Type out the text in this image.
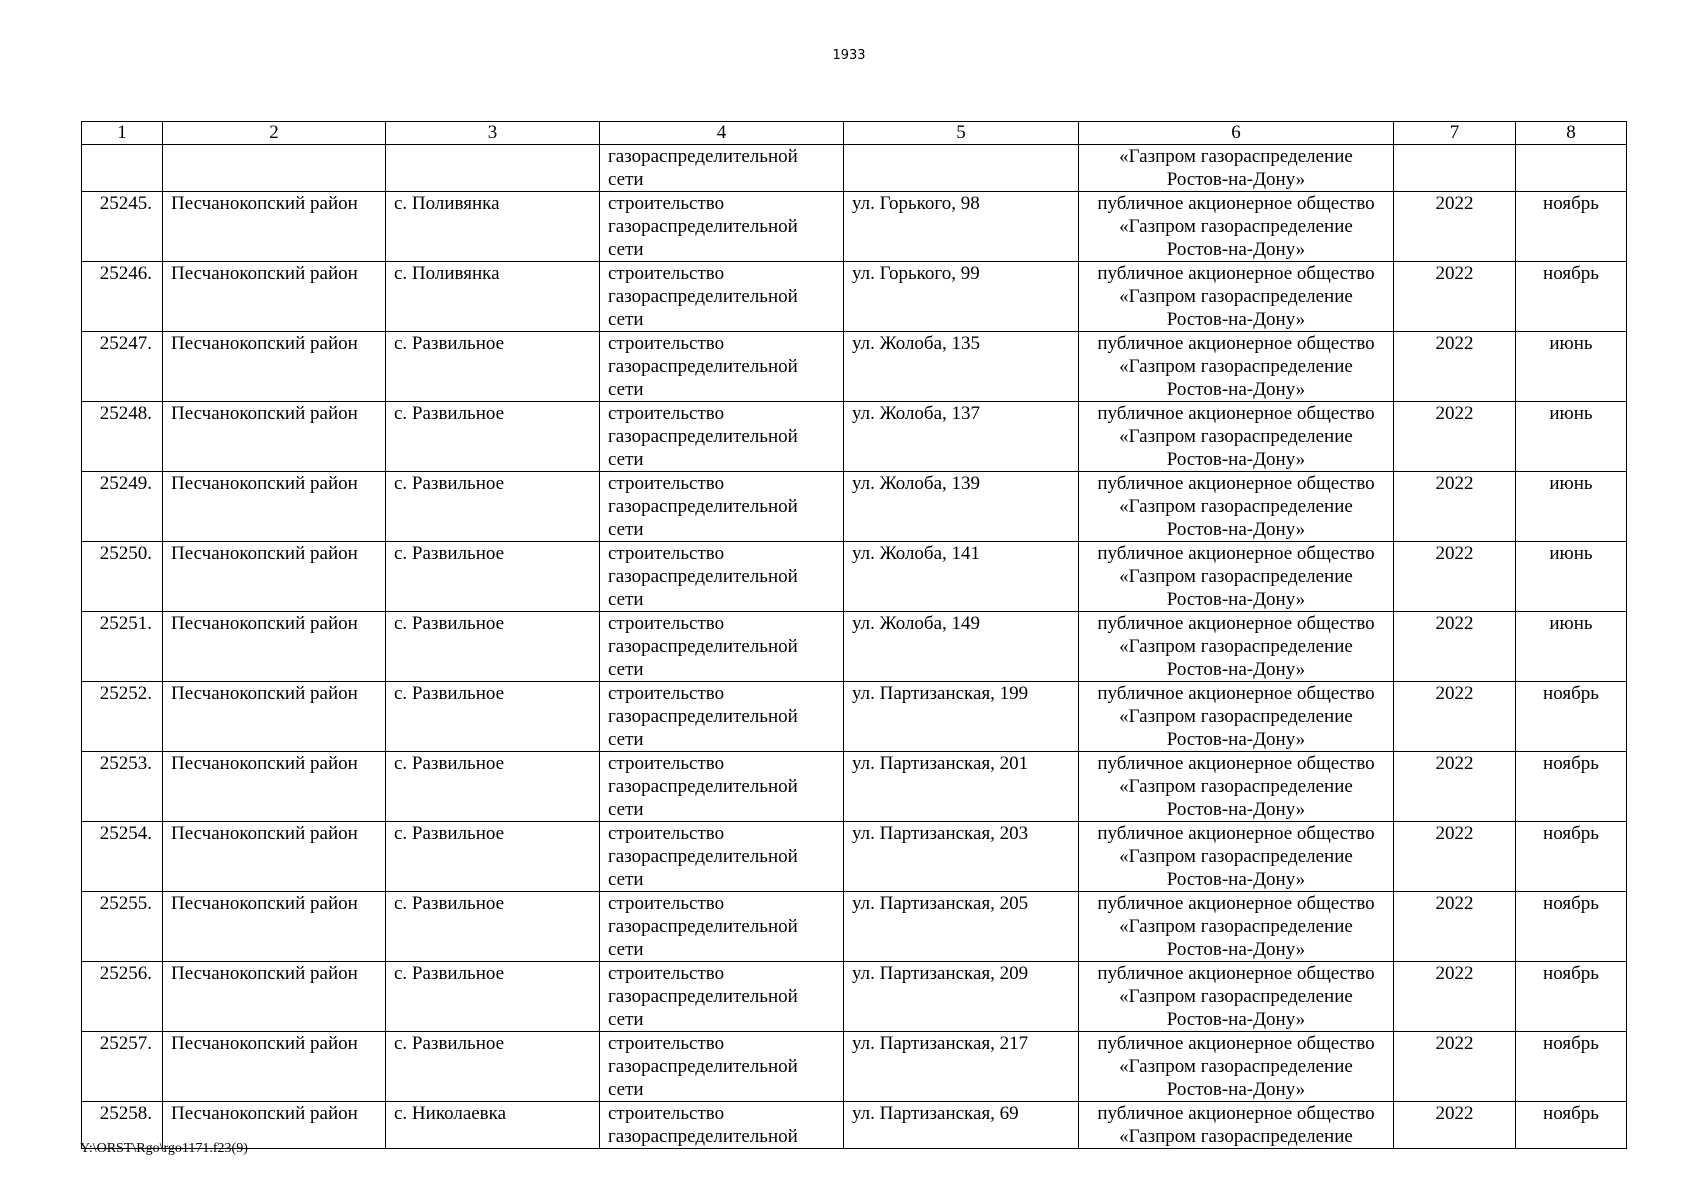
1933
1	2	3	4	5	6	7	8

			газораспределительной
сети		«Газпром газораспределение
Ростов-на-Дону»		

25245.	Песчанокопский район	с. Поливянка	строительство
газораспределительной
сети	ул. Горького, 98	публичное акционерное общество
«Газпром газораспределение
Ростов-на-Дону»	2022	ноябрь
25246.	Песчанокопский район	с. Поливянка	строительство
газораспределительной
сети	ул. Горького, 99	публичное акционерное общество
«Газпром газораспределение
Ростов-на-Дону»	2022	ноябрь
25247.	Песчанокопский район	с. Развильное	строительство
газораспределительной
сети	ул. Жолоба, 135	публичное акционерное общество
«Газпром газораспределение
Ростов-на-Дону»	2022	июнь
25248.	Песчанокопский район	с. Развильное	строительство
газораспределительной
сети	ул. Жолоба, 137	публичное акционерное общество
«Газпром газораспределение
Ростов-на-Дону»	2022	июнь
25249.	Песчанокопский район	с. Развильное	строительство
газораспределительной
сети	ул. Жолоба, 139	публичное акционерное общество
«Газпром газораспределение
Ростов-на-Дону»	2022	июнь
25250.	Песчанокопский район	с. Развильное	строительство
газораспределительной
сети	ул. Жолоба, 141	публичное акционерное общество
«Газпром газораспределение
Ростов-на-Дону»	2022	июнь
25251.	Песчанокопский район	с. Развильное	строительство
газораспределительной
сети	ул. Жолоба, 149	публичное акционерное общество
«Газпром газораспределение
Ростов-на-Дону»	2022	июнь
25252.	Песчанокопский район	с. Развильное	строительство
газораспределительной
сети	ул. Партизанская, 199	публичное акционерное общество
«Газпром газораспределение
Ростов-на-Дону»	2022	ноябрь
25253.	Песчанокопский район	с. Развильное	строительство
газораспределительной
сети	ул. Партизанская, 201	публичное акционерное общество
«Газпром газораспределение
Ростов-на-Дону»	2022	ноябрь
25254.	Песчанокопский район	с. Развильное	строительство
газораспределительной
сети	ул. Партизанская, 203	публичное акционерное общество
«Газпром газораспределение
Ростов-на-Дону»	2022	ноябрь
25255.	Песчанокопский район	с. Развильное	строительство
газораспределительной
сети	ул. Партизанская, 205	публичное акционерное общество
«Газпром газораспределение
Ростов-на-Дону»	2022	ноябрь
25256.	Песчанокопский район	с. Развильное	строительство
газораспределительной
сети	ул. Партизанская, 209	публичное акционерное общество
«Газпром газораспределение
Ростов-на-Дону»	2022	ноябрь
25257.	Песчанокопский район	с. Развильное	строительство
газораспределительной
сети	ул. Партизанская, 217	публичное акционерное общество
«Газпром газораспределение
Ростов-на-Дону»	2022	ноябрь
25258.	Песчанокопский район	с. Николаевка	строительство
газораспределительной	ул. Партизанская, 69	публичное акционерное общество
«Газпром газораспределение	2022	ноябрь
Y:\ORST\Rgo\rgo1171.f23(9)
